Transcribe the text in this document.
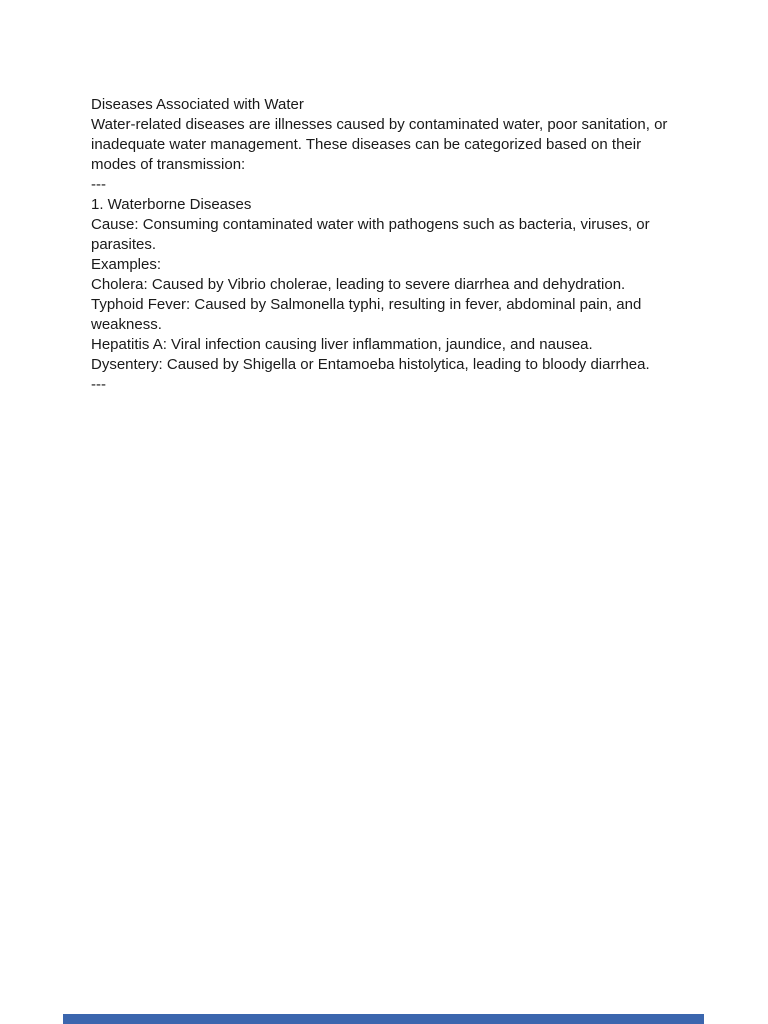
Diseases Associated with Water

Water-related diseases are illnesses caused by contaminated water, poor sanitation, or inadequate water management. These diseases can be categorized based on their modes of transmission:

---

1. Waterborne Diseases

Cause: Consuming contaminated water with pathogens such as bacteria, viruses, or parasites.

Examples:

Cholera: Caused by Vibrio cholerae, leading to severe diarrhea and dehydration.

Typhoid Fever: Caused by Salmonella typhi, resulting in fever, abdominal pain, and weakness.

Hepatitis A: Viral infection causing liver inflammation, jaundice, and nausea.

Dysentery: Caused by Shigella or Entamoeba histolytica, leading to bloody diarrhea.

---
